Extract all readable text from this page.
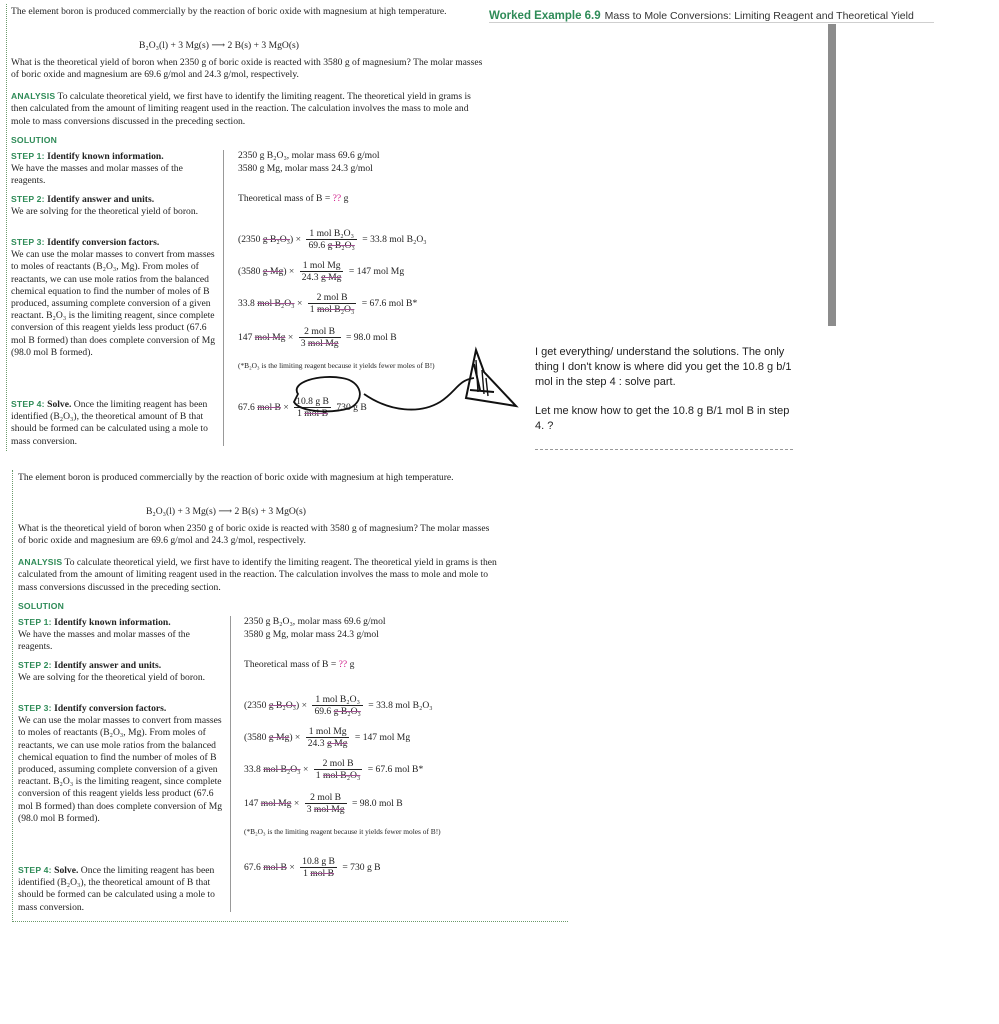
Worked Example 6.9 Mass to Mole Conversions: Limiting Reagent and Theoretical Yield

The element boron is produced commercially by the reaction of boric oxide with magnesium at high temperature.

B₂O₃(l) + 3 Mg(s) ⟶ 2 B(s) + 3 MgO(s)

What is the theoretical yield of boron when 2350 g of boric oxide is reacted with 3580 g of magnesium? The molar masses of boric oxide and magnesium are 69.6 g/mol and 24.3 g/mol, respectively.

ANALYSIS To calculate theoretical yield, we first have to identify the limiting reagent. The theoretical yield in grams is then calculated from the amount of limiting reagent used in the reaction. The calculation involves the mass to mole and mole to mass conversions discussed in the preceding section.

SOLUTION
STEP 1: Identify known information.
We have the masses and molar masses of the reagents.
STEP 2: Identify answer and units.
We are solving for the theoretical yield of boron.
STEP 3: Identify conversion factors.
We can use the molar masses to convert from masses to moles of reactants (B₂O₃, Mg). From moles of reactants, we can use mole ratios from the balanced chemical equation to find the number of moles of B produced, assuming complete conversion of a given reactant. B₂O₃ is the limiting reagent, since complete conversion of this reagent yields less product (67.6 mol B formed) than does complete conversion of Mg (98.0 mol B formed).
STEP 4: Solve. Once the limiting reagent has been identified (B₂O₃), the theoretical amount of B that should be formed can be calculated using a mole to mass conversion.
2350 g B₂O₃, molar mass 69.6 g/mol
3580 g Mg, molar mass 24.3 g/mol
Theoretical mass of B = ?? g
(2350 g $B_2O_3) \times \frac{\text{1 mol B₂O₃}}{\text{69.6 g B₂O₃}} = 33.8$ mol B₂O₃
(3580 g $Mg) \times \frac{\text{1 mol Mg}}{\text{24.3 g Mg}} = 147$ mol Mg
33.8 mol $B_2O_3 \times \frac{\text{2 mol B}}{\text{1 mol B₂O₃}} = 67.6$ mol B*
147 mol $Mg \times \frac{\text{2 mol B}}{\text{3 mol Mg}} = 98.0$ mol B
(*B₂O₃ is the limiting reagent because it yields fewer moles of B!)
67.6 mol $B \times \frac{\text{10.8 g B}}{\text{1 mol B}} 730$ g B
I get everything/ understand the solutions. The only thing I don't know is where did you get the 10.8 g b/1 mol in the step 4 : solve part.
Let me know how to get the 10.8 g B/1 mol B in step 4. ?

The element boron is produced commercially by the reaction of boric oxide with magnesium at high temperature.

B₂O₃(l) + 3 Mg(s) ⟶ 2 B(s) + 3 MgO(s)

What is the theoretical yield of boron when 2350 g of boric oxide is reacted with 3580 g of magnesium? The molar masses of boric oxide and magnesium are 69.6 g/mol and 24.3 g/mol, respectively.

ANALYSIS To calculate theoretical yield, we first have to identify the limiting reagent. The theoretical yield in grams is then calculated from the amount of limiting reagent used in the reaction. The calculation involves the mass to mole and mole to mass conversions discussed in the preceding section.

SOLUTION
STEP 1: Identify known information.
We have the masses and molar masses of the reagents.
STEP 2: Identify answer and units.
We are solving for the theoretical yield of boron.
STEP 3: Identify conversion factors.
We can use the molar masses to convert from masses to moles of reactants (B₂O₃, Mg). From moles of reactants, we can use mole ratios from the balanced chemical equation to find the number of moles of B produced, assuming complete conversion of a given reactant. B₂O₃ is the limiting reagent, since complete conversion of this reagent yields less product (67.6 mol B formed) than does complete conversion of Mg (98.0 mol B formed).
STEP 4: Solve. Once the limiting reagent has been identified (B₂O₃), the theoretical amount of B that should be formed can be calculated using a mole to mass conversion.
2350 g B₂O₃, molar mass 69.6 g/mol
3580 g Mg, molar mass 24.3 g/mol
Theoretical mass of B = ?? g
(2350 g $B_2O_3) \times \frac{\text{1 mol B₂O₃}}{\text{69.6 g B₂O₃}} = 33.8$ mol B₂O₃
(3580 g $Mg) \times \frac{\text{1 mol Mg}}{\text{24.3 g Mg}} = 147$ mol Mg
33.8 mol $B_2O_3 \times \frac{\text{2 mol B}}{\text{1 mol B₂O₃}} = 67.6$ mol B*
147 mol $Mg \times \frac{\text{2 mol B}}{\text{3 mol Mg}} = 98.0$ mol B
(*B₂O₃ is the limiting reagent because it yields fewer moles of B!)
67.6 mol $B \times \frac{\text{10.8 g B}}{\text{1 mol B}} = 730$ g B
